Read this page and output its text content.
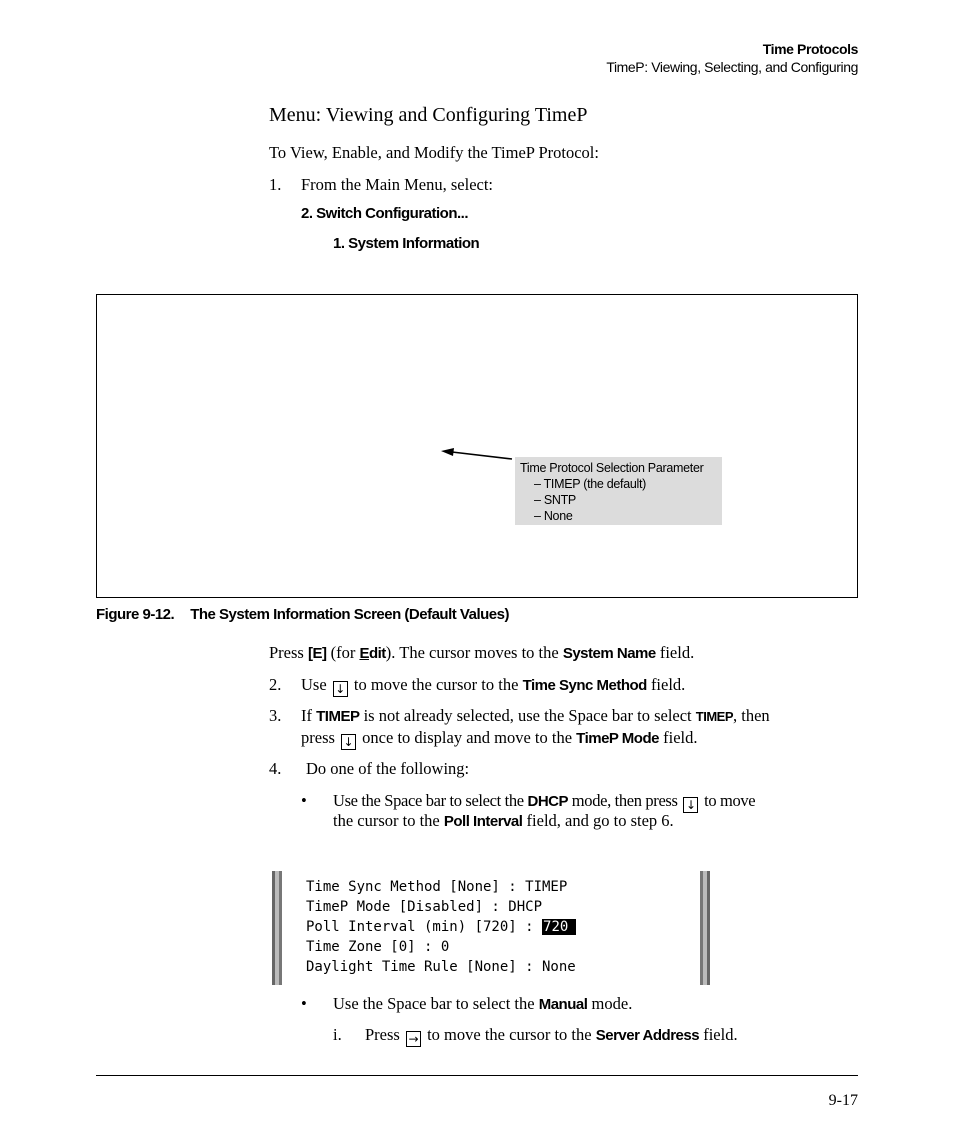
Time Protocols
TimeP: Viewing, Selecting, and Configuring
Menu: Viewing and Configuring TimeP
To View, Enable, and Modify the TimeP Protocol:
1. From the Main Menu, select:
2. Switch Configuration...
1. System Information
Time Protocol Selection Parameter
– TIMEP (the default)
– SNTP
– None
Figure 9-12. The System Information Screen (Default Values)
Press [E] (for Edit). The cursor moves to the System Name field.
2. Use ↓ to move the cursor to the Time Sync Method field.
3. If TIMEP is not already selected, use the Space bar to select TIMEP, then
press ↓ once to display and move to the TimeP Mode field.
4. Do one of the following:
• Use the Space bar to select the DHCP mode, then press ↓ to move
the cursor to the Poll Interval field, and go to step 6.
Time Sync Method [None] : TIMEP
TimeP Mode [Disabled] : DHCP
Poll Interval (min) [720] : 720
Time Zone [0] : 0
Daylight Time Rule [None] : None
• Use the Space bar to select the Manual mode.
i. Press → to move the cursor to the Server Address field.
9-17
